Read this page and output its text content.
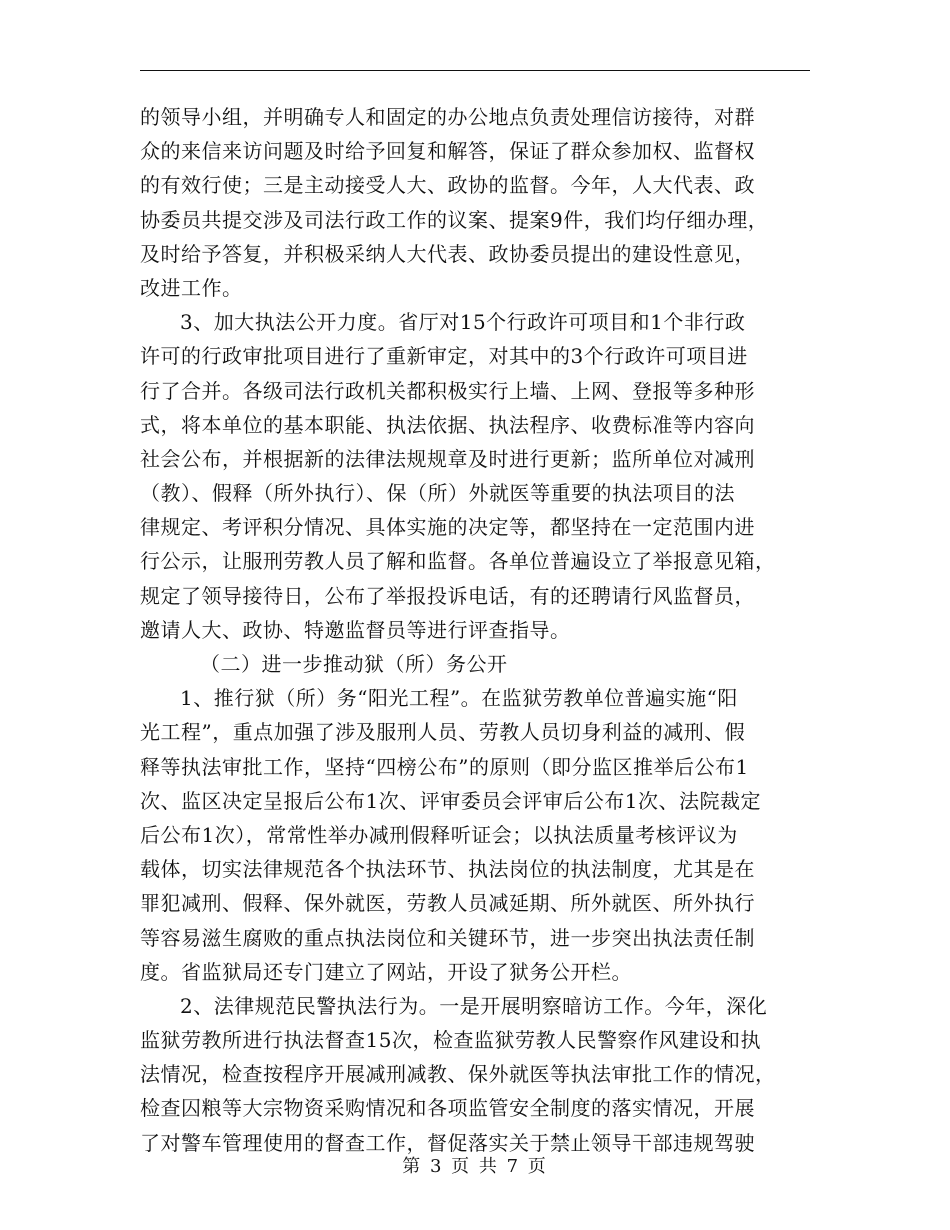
的领导小组，并明确专人和固定的办公地点负责处理信访接待，对群
众的来信来访问题及时给予回复和解答，保证了群众参加权、监督权
的有效行使；三是主动接受人大、政协的监督。今年，人大代表、政
协委员共提交涉及司法行政工作的议案、提案9件，我们均仔细办理，
及时给予答复，并积极采纳人大代表、政协委员提出的建设性意见，
改进工作。
3、加大执法公开力度。省厅对15个行政许可项目和1个非行政
许可的行政审批项目进行了重新审定，对其中的3个行政许可项目进
行了合并。各级司法行政机关都积极实行上墙、上网、登报等多种形
式，将本单位的基本职能、执法依据、执法程序、收费标准等内容向
社会公布，并根据新的法律法规规章及时进行更新；监所单位对减刑
（教）、假释（所外执行）、保（所）外就医等重要的执法项目的法
律规定、考评积分情况、具体实施的决定等，都坚持在一定范围内进
行公示，让服刑劳教人员了解和监督。各单位普遍设立了举报意见箱，
规定了领导接待日，公布了举报投诉电话，有的还聘请行风监督员，
邀请人大、政协、特邀监督员等进行评查指导。
（二）进一步推动狱（所）务公开
1、推行狱（所）务“阳光工程”。在监狱劳教单位普遍实施“阳
光工程”，重点加强了涉及服刑人员、劳教人员切身利益的减刑、假
释等执法审批工作，坚持“四榜公布”的原则（即分监区推举后公布1
次、监区决定呈报后公布1次、评审委员会评审后公布1次、法院裁定
后公布1次），常常性举办减刑假释听证会；以执法质量考核评议为
载体，切实法律规范各个执法环节、执法岗位的执法制度，尤其是在
罪犯减刑、假释、保外就医，劳教人员减延期、所外就医、所外执行
等容易滋生腐败的重点执法岗位和关键环节，进一步突出执法责任制
度。省监狱局还专门建立了网站，开设了狱务公开栏。
2、法律规范民警执法行为。一是开展明察暗访工作。今年，深化
监狱劳教所进行执法督查15次，检查监狱劳教人民警察作风建设和执
法情况，检查按程序开展减刑减教、保外就医等执法审批工作的情况，
检查囚粮等大宗物资采购情况和各项监管安全制度的落实情况，开展
了对警车管理使用的督查工作，督促落实关于禁止领导干部违规驾驶
第 3 页 共 7 页
